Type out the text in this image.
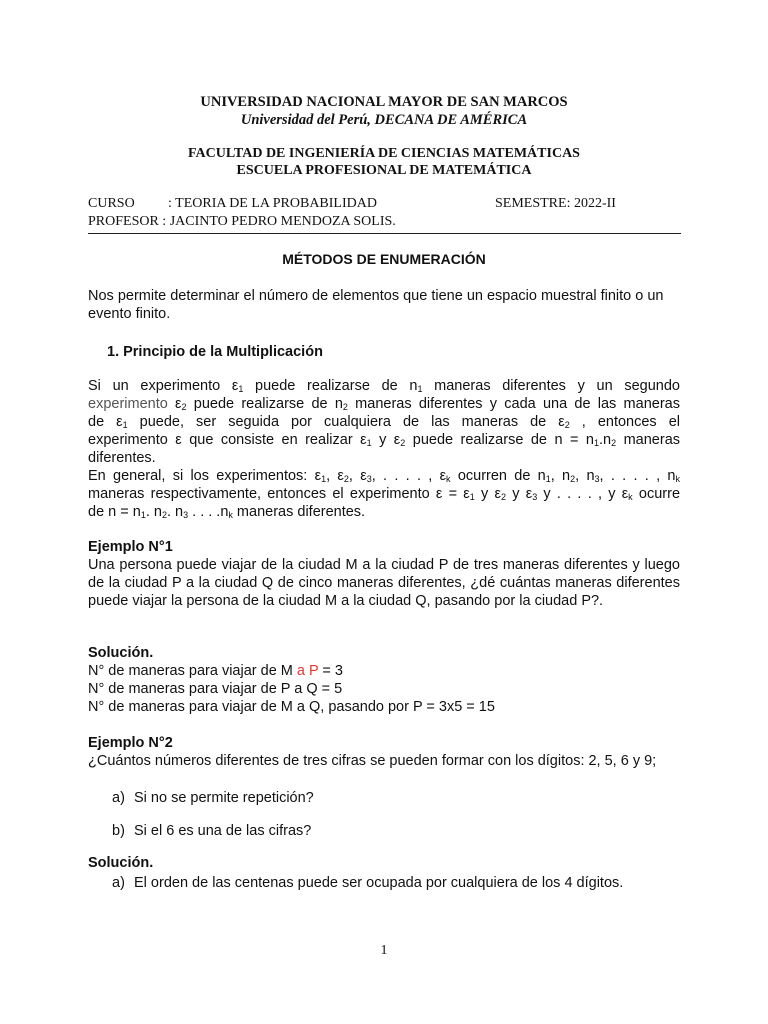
UNIVERSIDAD NACIONAL MAYOR DE SAN MARCOS
Universidad del Perú, DECANA DE AMÉRICA
FACULTAD DE INGENIERÍA DE CIENCIAS MATEMÁTICAS
ESCUELA PROFESIONAL DE MATEMÁTICA
CURSO : TEORIA DE LA PROBABILIDAD	SEMESTRE: 2022-II
PROFESOR : JACINTO PEDRO MENDOZA SOLIS.
MÉTODOS DE ENUMERACIÓN
Nos permite determinar el número de elementos que tiene un espacio muestral finito o un evento finito.
1. Principio de la Multiplicación
Si un experimento $\varepsilon_1$ puede realizarse de $n_1$ maneras diferentes y un segundo
experimento $\varepsilon_2$ puede realizarse de $n_2$ maneras diferentes y cada una de las maneras
de $\varepsilon_1$ puede, ser seguida por cualquiera de las maneras de $\varepsilon_2$ , entonces el
experimento ε que consiste en realizar $\varepsilon_1$ y $\varepsilon_2$ puede realizarse de $n = n_1.n_2$ maneras
diferentes.
En general, si los experimentos: $\varepsilon_1$, $\varepsilon_2$, $\varepsilon_3$, . . . . , $\varepsilon_k$ ocurren de $n_1$, $n_2$, $n_3$, . . . . , $n_k$
maneras respectivamente, entonces el experimento $\varepsilon = \varepsilon_1$ y $\varepsilon_2$ y $\varepsilon_3$ y . . . . , y $\varepsilon_k$ ocurre
de $n = n_1$. $n_2$. $n_3$ . . . $.n_k$ maneras diferentes.
Ejemplo N°1
Una persona puede viajar de la ciudad M a la ciudad P de tres maneras diferentes y luego de la ciudad P a la ciudad Q de cinco maneras diferentes, ¿dé cuántas maneras diferentes puede viajar la persona de la ciudad M a la ciudad Q, pasando por la ciudad P?.
Solución.
N° de maneras para viajar de M a P = 3
N° de maneras para viajar de P a Q = 5
N° de maneras para viajar de M a Q, pasando por P = 3x5 = 15
Ejemplo N°2
¿Cuántos números diferentes de tres cifras se pueden formar con los dígitos: 2, 5, 6 y 9;
a) Si no se permite repetición?
b) Si el 6 es una de las cifras?
Solución.
a) El orden de las centenas puede ser ocupada por cualquiera de los 4 dígitos.
1
